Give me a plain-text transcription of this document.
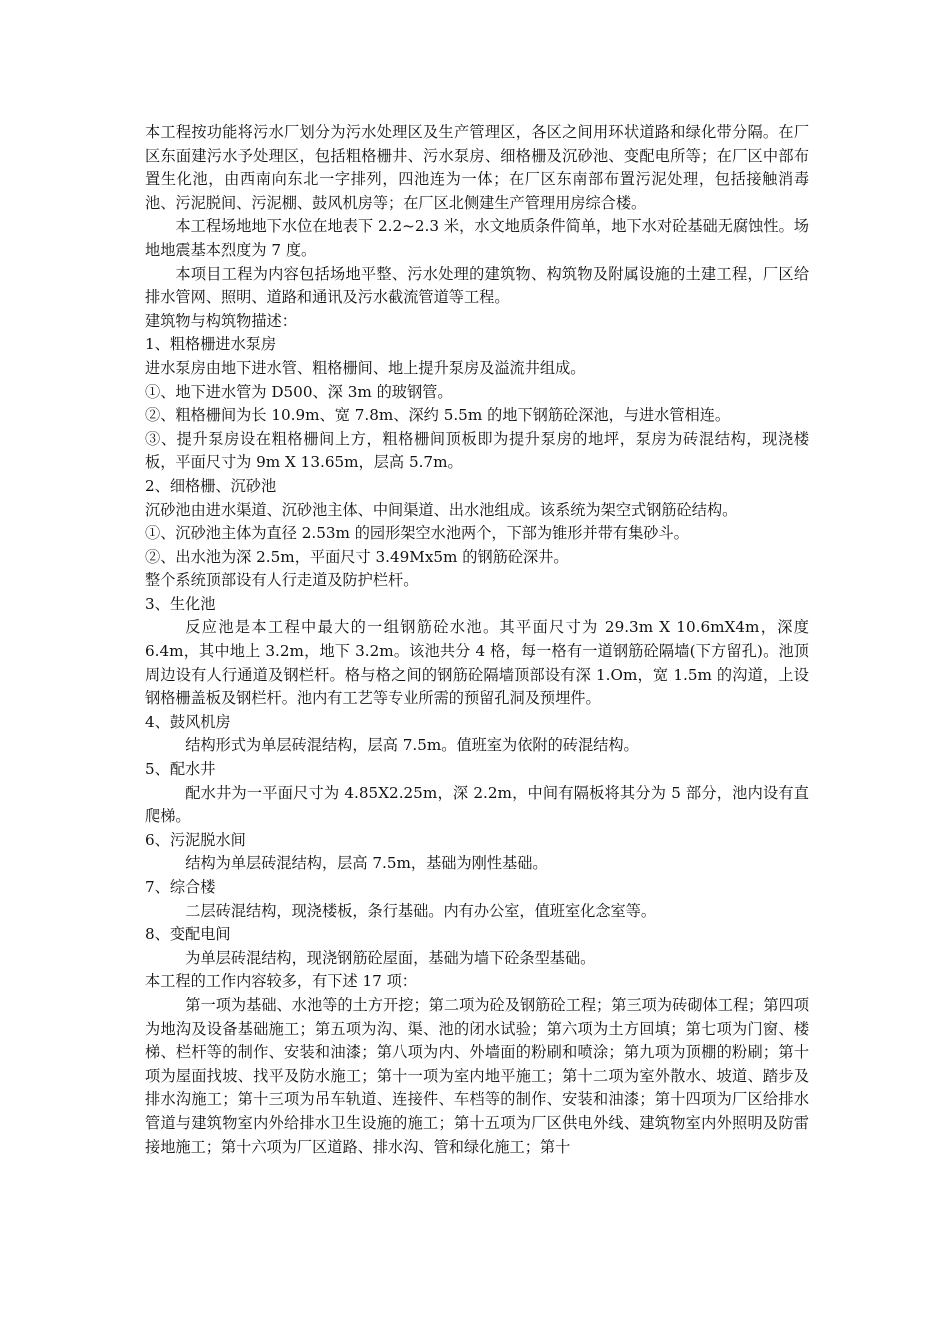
本工程按功能将污水厂划分为污水处理区及生产管理区，各区之间用环状道路和绿化带分隔。在厂区东面建污水予处理区，包括粗格栅井、污水泵房、细格栅及沉砂池、变配电所等；在厂区中部布置生化池，由西南向东北一字排列，四池连为一体；在厂区东南部布置污泥处理，包括接触消毒池、污泥脱间、污泥棚、鼓风机房等；在厂区北侧建生产管理用房综合楼。

本工程场地地下水位在地表下 2.2~2.3 米，水文地质条件简单，地下水对砼基础无腐蚀性。场地地震基本烈度为 7 度。

本项目工程为内容包括场地平整、污水处理的建筑物、构筑物及附属设施的土建工程，厂区给排水管网、照明、道路和通讯及污水截流管道等工程。

建筑物与构筑物描述：

1、粗格栅进水泵房

进水泵房由地下进水管、粗格栅间、地上提升泵房及溢流井组成。

①、地下进水管为 D500、深 3m 的玻钢管。

②、粗格栅间为长 10.9m、宽 7.8m、深约 5.5m 的地下钢筋砼深池，与进水管相连。

③、提升泵房设在粗格栅间上方，粗格栅间顶板即为提升泵房的地坪，泵房为砖混结构，现浇楼板，平面尺寸为 9m X 13.65m，层高 5.7m。

2、细格栅、沉砂池

沉砂池由进水渠道、沉砂池主体、中间渠道、出水池组成。该系统为架空式钢筋砼结构。

①、沉砂池主体为直径 2.53m 的园形架空水池两个，下部为锥形并带有集砂斗。

②、出水池为深 2.5m，平面尺寸 3.49Mx5m 的钢筋砼深井。

整个系统顶部设有人行走道及防护栏杆。

3、生化池

反应池是本工程中最大的一组钢筋砼水池。其平面尺寸为 29.3m X 10.6mX4m，深度 6.4m，其中地上 3.2m，地下 3.2m。该池共分 4 格，每一格有一道钢筋砼隔墙(下方留孔)。池顶周边设有人行通道及钢栏杆。格与格之间的钢筋砼隔墙顶部设有深 1.Om，宽 1.5m 的沟道，上设钢格栅盖板及钢栏杆。池内有工艺等专业所需的预留孔洞及预埋件。

4、鼓风机房

结构形式为单层砖混结构，层高 7.5m。值班室为依附的砖混结构。

5、配水井

配水井为一平面尺寸为 4.85X2.25m，深 2.2m，中间有隔板将其分为 5 部分，池内设有直爬梯。

6、污泥脱水间

结构为单层砖混结构，层高 7.5m，基础为刚性基础。

7、综合楼

二层砖混结构，现浇楼板，条行基础。内有办公室，值班室化念室等。

8、变配电间

为单层砖混结构，现浇钢筋砼屋面，基础为墙下砼条型基础。

本工程的工作内容较多，有下述 17 项：

第一项为基础、水池等的土方开挖；第二项为砼及钢筋砼工程；第三项为砖砌体工程；第四项为地沟及设备基础施工；第五项为沟、渠、池的闭水试验；第六项为土方回填；第七项为门窗、楼梯、栏杆等的制作、安装和油漆；第八项为内、外墙面的粉刷和喷涂；第九项为顶棚的粉刷；第十项为屋面找坡、找平及防水施工；第十一项为室内地平施工；第十二项为室外散水、坡道、踏步及排水沟施工；第十三项为吊车轨道、连接件、车档等的制作、安装和油漆；第十四项为厂区给排水管道与建筑物室内外给排水卫生设施的施工；第十五项为厂区供电外线、建筑物室内外照明及防雷接地施工；第十六项为厂区道路、排水沟、管和绿化施工；第十
